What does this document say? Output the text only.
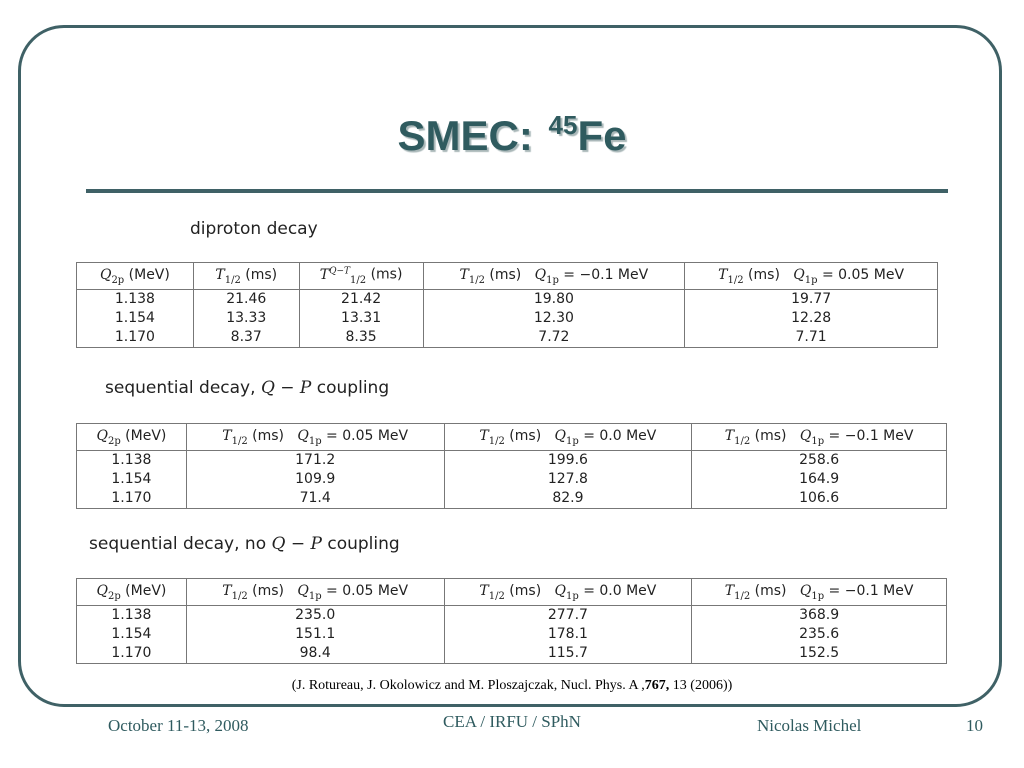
SMEC: $^{45}$Fe
diproton decay
$Q_{2p}$ (MeV)	$T_{1/2}$ (ms)	$T^{Q-T}_{1/2}$ (ms)	$T_{1/2}$ (ms)   $Q_{1p} = -0.1$ MeV	$T_{1/2}$ (ms)   $Q_{1p} = 0.05$ MeV
1.138	21.46	21.42	19.80	19.77
1.154	13.33	13.31	12.30	12.28
1.170	8.37	8.35	7.72	7.71
sequential decay, Q − P coupling
$Q_{2p}$ (MeV)	$T_{1/2}$ (ms)   $Q_{1p} = 0.05$ MeV	$T_{1/2}$ (ms)   $Q_{1p} = 0.0$ MeV	$T_{1/2}$ (ms)   $Q_{1p} = -0.1$ MeV
1.138	171.2	199.6	258.6
1.154	109.9	127.8	164.9
1.170	71.4	82.9	106.6
sequential decay, no Q − P coupling
$Q_{2p}$ (MeV)	$T_{1/2}$ (ms)   $Q_{1p} = 0.05$ MeV	$T_{1/2}$ (ms)   $Q_{1p} = 0.0$ MeV	$T_{1/2}$ (ms)   $Q_{1p} = -0.1$ MeV
1.138	235.0	277.7	368.9
1.154	151.1	178.1	235.6
1.170	98.4	115.7	152.5
(J. Rotureau, J. Okolowicz and M. Ploszajczak, Nucl. Phys. A ,767, 13 (2006))
October 11-13, 2008	CEA / IRFU / SPhN	Nicolas Michel	10
